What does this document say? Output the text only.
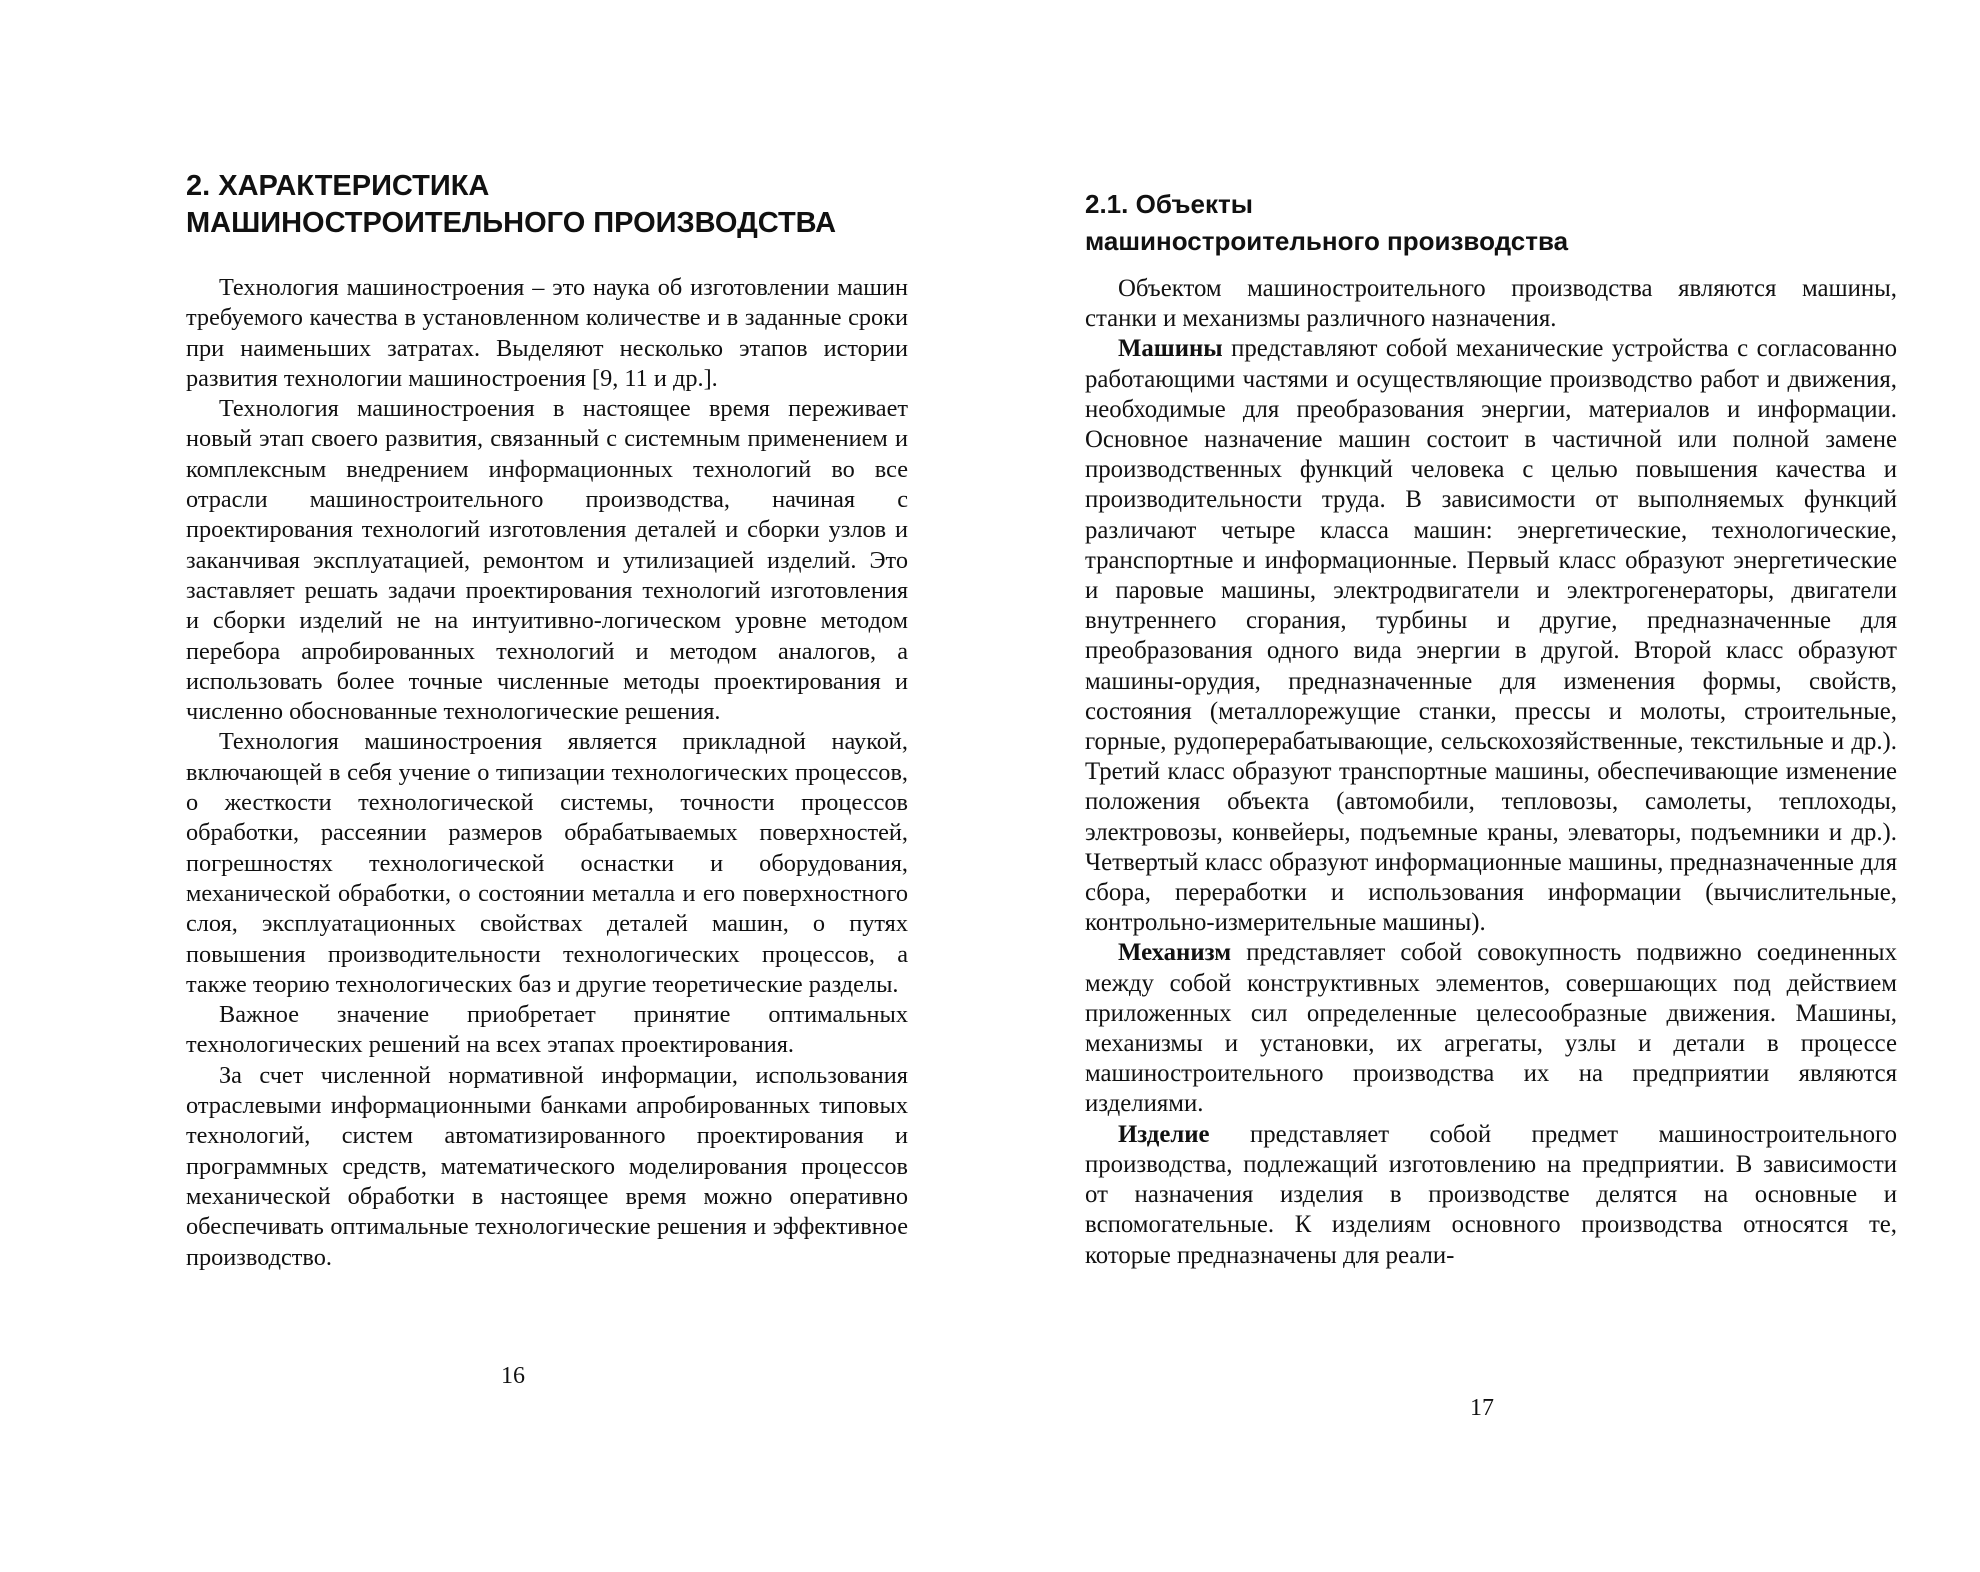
2. ХАРАКТЕРИСТИКА
МАШИНОСТРОИТЕЛЬНОГО ПРОИЗВОДСТВА

Технология машиностроения – это наука об изготовлении машин требуемого качества в установленном количестве и в заданные сроки при наименьших затратах. Выделяют несколько этапов истории развития технологии машиностроения [9, 11 и др.].

Технология машиностроения в настоящее время переживает новый этап своего развития, связанный с системным применением и комплексным внедрением информационных технологий во все отрасли машиностроительного производства, начиная с проектирования технологий изготовления деталей и сборки узлов и заканчивая эксплуатацией, ремонтом и утилизацией изделий. Это заставляет решать задачи проектирования технологий изготовления и сборки изделий не на интуитивно-логическом уровне методом перебора апробированных технологий и методом аналогов, а использовать более точные численные методы проектирования и численно обоснованные технологические решения.

Технология машиностроения является прикладной наукой, включающей в себя учение о типизации технологических процессов, о жесткости технологической системы, точности процессов обработки, рассеянии размеров обрабатываемых поверхностей, погрешностях технологической оснастки и оборудования, механической обработки, о состоянии металла и его поверхностного слоя, эксплуатационных свойствах деталей машин, о путях повышения производительности технологических процессов, а также теорию технологических баз и другие теоретические разделы.

Важное значение приобретает принятие оптимальных технологических решений на всех этапах проектирования.

За счет численной нормативной информации, использования отраслевыми информационными банками апробированных типовых технологий, систем автоматизированного проектирования и программных средств, математического моделирования процессов механической обработки в настоящее время можно оперативно обеспечивать оптимальные технологические решения и эффективное производство.

16
2.1. Объекты
машиностроительного производства

Объектом машиностроительного производства являются машины, станки и механизмы различного назначения.

Машины представляют собой механические устройства с согласованно работающими частями и осуществляющие производство работ и движения, необходимые для преобразования энергии, материалов и информации. Основное назначение машин состоит в частичной или полной замене производственных функций человека с целью повышения качества и производительности труда. В зависимости от выполняемых функций различают четыре класса машин: энергетические, технологические, транспортные и информационные. Первый класс образуют энергетические и паровые машины, электродвигатели и электрогенераторы, двигатели внутреннего сгорания, турбины и другие, предназначенные для преобразования одного вида энергии в другой. Второй класс образуют машины-орудия, предназначенные для изменения формы, свойств, состояния (металлорежущие станки, прессы и молоты, строительные, горные, рудоперерабатывающие, сельскохозяйственные, текстильные и др.). Третий класс образуют транспортные машины, обеспечивающие изменение положения объекта (автомобили, тепловозы, самолеты, теплоходы, электровозы, конвейеры, подъемные краны, элеваторы, подъемники и др.). Четвертый класс образуют информационные машины, предназначенные для сбора, переработки и использования информации (вычислительные, контрольно-измерительные машины).

Механизм представляет собой совокупность подвижно соединенных между собой конструктивных элементов, совершающих под действием приложенных сил определенные целесообразные движения. Машины, механизмы и установки, их агрегаты, узлы и детали в процессе машиностроительного производства их на предприятии являются изделиями.

Изделие представляет собой предмет машиностроительного производства, подлежащий изготовлению на предприятии. В зависимости от назначения изделия в производстве делятся на основные и вспомогательные. К изделиям основного производства относятся те, которые предназначены для реали-

17
